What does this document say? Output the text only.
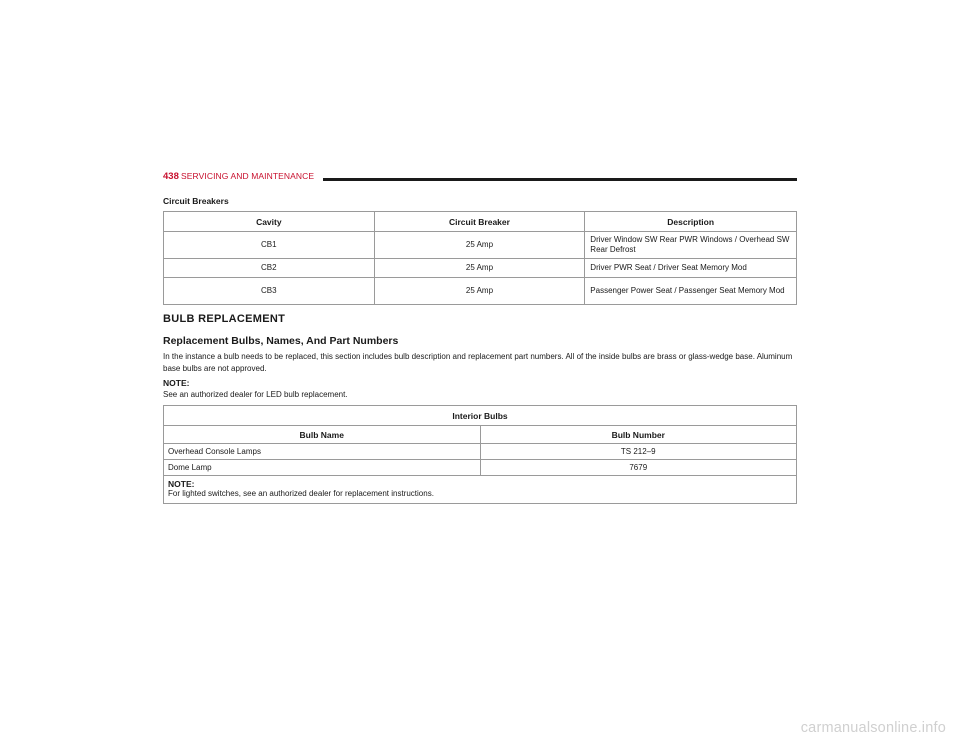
438 SERVICING AND MAINTENANCE
Circuit Breakers
Cavity	Circuit Breaker	Description
CB1	25 Amp	Driver Window SW Rear PWR Windows / Overhead SW Rear Defrost
CB2	25 Amp	Driver PWR Seat / Driver Seat Memory Mod
CB3	25 Amp	Passenger Power Seat / Passenger Seat Memory Mod
BULB REPLACEMENT
Replacement Bulbs, Names, And Part Numbers
In the instance a bulb needs to be replaced, this section includes bulb description and replacement part numbers. All of the inside bulbs are brass or glass-wedge base. Aluminum base bulbs are not approved.
NOTE:
See an authorized dealer for LED bulb replacement.
Interior Bulbs	
Bulb Name	Bulb Number
Overhead Console Lamps	TS 212–9
Dome Lamp	7679

NOTE:
For lighted switches, see an authorized dealer for replacement instructions.	
carmanualsonline.info
